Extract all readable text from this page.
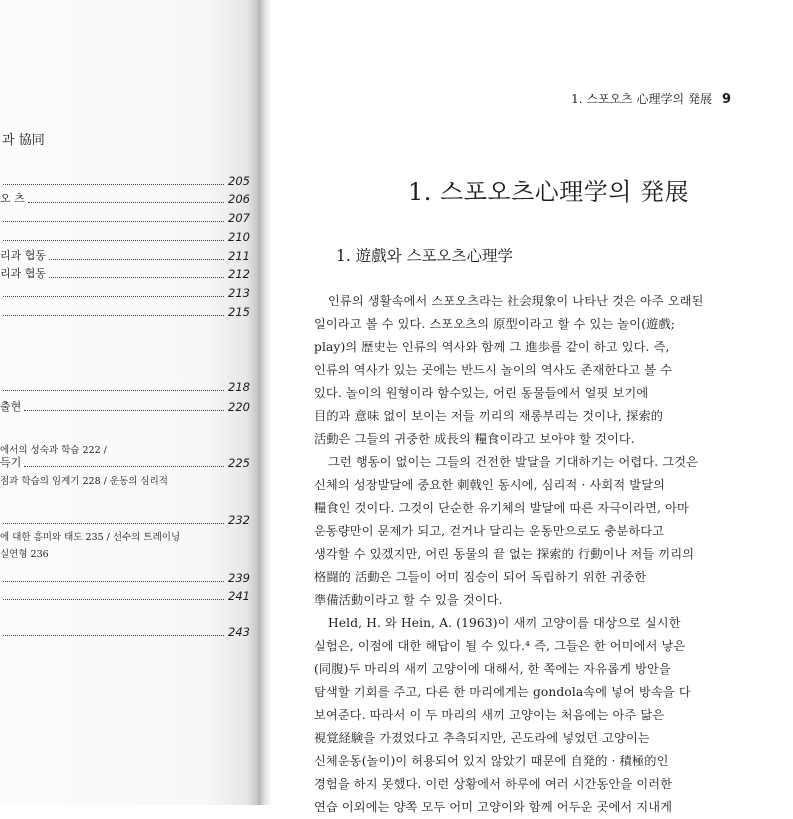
과 協同
205
오 츠	206
207
210
리과 협동	211
리과 협동	212
213
215
218
출현	220
에서의 성숙과 학습 222 /
득기	225
점과 학습의 임계기 228 / 운동의 심리적
232
에 대한 흥미와 태도 235 / 선수의 트레이닝
실연형 236
239
241
243
1. 스포오츠 心理学의 発展 9
1. 스포오츠心理学의 発展
1. 遊戲와 스포오츠心理学
인류의 생활속에서 스포오츠라는 社会現象이 나타난 것은 아주 오래된
일이라고 볼 수 있다. 스포오츠의 原型이라고 할 수 있는 놀이(遊戲;
play)의 歴史는 인류의 역사와 함께 그 進歩를 같이 하고 있다. 즉,
인류의 역사가 있는 곳에는 반드시 놀이의 역사도 존재한다고 볼 수
있다. 놀이의 원형이라 함수있는, 어린 동물들에서 얼핏 보기에
目的과 意味 없이 보이는 저들 끼리의 재롱부리는 것이나, 探索的
活動은 그들의 귀중한 成長의 糧食이라고 보아야 할 것이다.
그런 행동이 없이는 그들의 건전한 발달을 기대하기는 어렵다. 그것은
신체의 성장발달에 중요한 刺戟인 동시에, 심리적 · 사회적 발달의
糧食인 것이다. 그것이 단순한 유기체의 발달에 따른 자극이라면, 아마
운동량만이 문제가 되고, 걷거나 달리는 운동만으로도 충분하다고
생각할 수 있겠지만, 어린 동물의 끝 없는 探索的 行動이나 저들 끼리의
格闘的 活動은 그들이 어미 짐승이 되어 독립하기 위한 귀중한
準備活動이라고 할 수 있을 것이다.
Held, H. 와 Hein, A. (1963)이 새끼 고양이를 대상으로 실시한
실험은, 이점에 대한 해답이 될 수 있다.⁴ 즉, 그들은 한 어미에서 낳은
(同腹)두 마리의 새끼 고양이에 대해서, 한 쪽에는 자유롭게 방안을
탐색할 기회를 주고, 다른 한 마리에게는 gondola속에 넣어 방속을 다
보여준다. 따라서 이 두 마리의 새끼 고양이는 처음에는 아주 닮은
視覚経験을 가졌었다고 추측되지만, 곤도라에 넣었던 고양이는
신체운동(놀이)이 허용되어 있지 않았기 때문에 自発的 · 積極的인
경험을 하지 못했다. 이런 상황에서 하루에 여러 시간동안을 이러한
연습 이외에는 양쪽 모두 어미 고양이와 함께 어두운 곳에서 지내게
